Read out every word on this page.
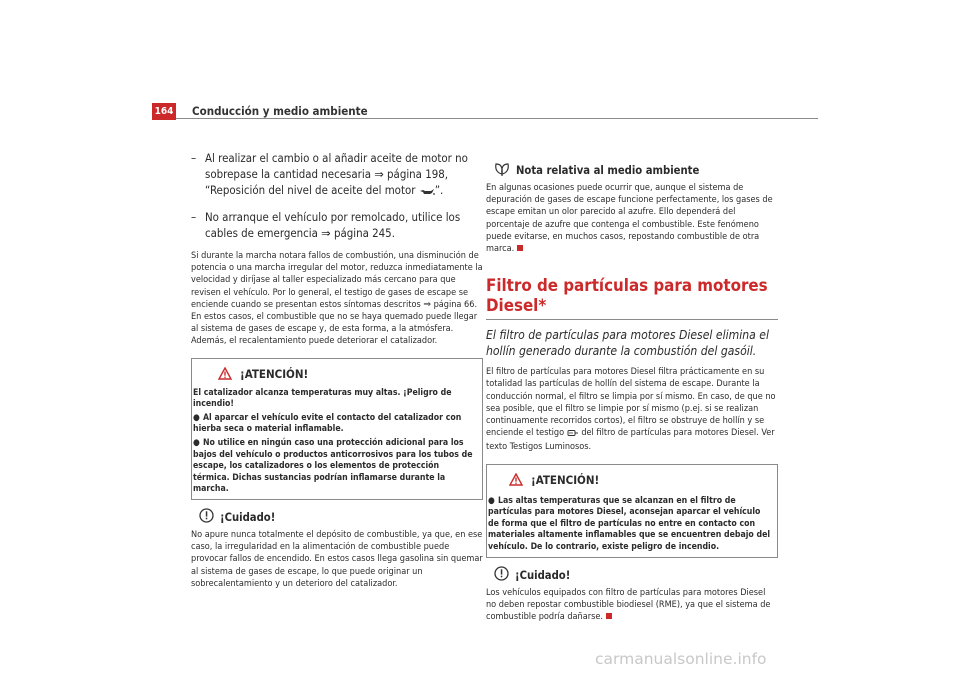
164 Conducción y medio ambiente
– Al realizar el cambio o al añadir aceite de motor no sobrepase la cantidad necesaria ⇒ página 198, “Reposición del nivel de aceite del motor ”.
– No arranque el vehículo por remolcado, utilice los cables de emergencia ⇒ página 245.

Si durante la marcha notara fallos de combustión, una disminución de potencia o una marcha irregular del motor, reduzca inmediatamente la velocidad y diríjase al taller especializado más cercano para que revisen el vehículo. Por lo general, el testigo de gases de escape se enciende cuando se presentan estos síntomas descritos ⇒ página 66. En estos casos, el combustible que no se haya quemado puede llegar al sistema de gases de escape y, de esta forma, a la atmósfera. Además, el recalentamiento puede deteriorar el catalizador.

¡ATENCIÓN!
El catalizador alcanza temperaturas muy altas. ¡Peligro de incendio!
● Al aparcar el vehículo evite el contacto del catalizador con hierba seca o material inflamable.
● No utilice en ningún caso una protección adicional para los bajos del vehículo o productos anticorrosivos para los tubos de escape, los catalizadores o los elementos de protección térmica. Dichas sustancias podrían inflamarse durante la marcha.
¡Cuidado!

No apure nunca totalmente el depósito de combustible, ya que, en ese caso, la irregularidad en la alimentación de combustible puede provocar fallos de encendido. En estos casos llega gasolina sin quemar al sistema de gases de escape, lo que puede originar un sobrecalentamiento y un deterioro del catalizador.

Nota relativa al medio ambiente

En algunas ocasiones puede ocurrir que, aunque el sistema de depuración de gases de escape funcione perfectamente, los gases de escape emitan un olor parecido al azufre. Ello dependerá del porcentaje de azufre que contenga el combustible. Este fenómeno puede evitarse, en muchos casos, repostando combustible de otra marca.

Filtro de partículas para motores Diesel*
El filtro de partículas para motores Diesel elimina el hollín generado durante la combustión del gasóil.

El filtro de partículas para motores Diesel filtra prácticamente en su totalidad las partículas de hollín del sistema de escape. Durante la conducción normal, el filtro se limpia por sí mismo. En caso, de que no sea posible, que el filtro se limpie por sí mismo (p.ej. si se realizan continuamente recorridos cortos), el filtro se obstruye de hollín y se enciende el testigo  del filtro de partículas para motores Diesel. Ver texto Testigos Luminosos.

¡ATENCIÓN!
● Las altas temperaturas que se alcanzan en el filtro de partículas para motores Diesel, aconsejan aparcar el vehículo de forma que el filtro de partículas no entre en contacto con materiales altamente inflamables que se encuentren debajo del vehículo. De lo contrario, existe peligro de incendio.
¡Cuidado!

Los vehículos equipados con filtro de partículas para motores Diesel no deben repostar combustible biodiesel (RME), ya que el sistema de combustible podría dañarse.

carmanualsonline.info
